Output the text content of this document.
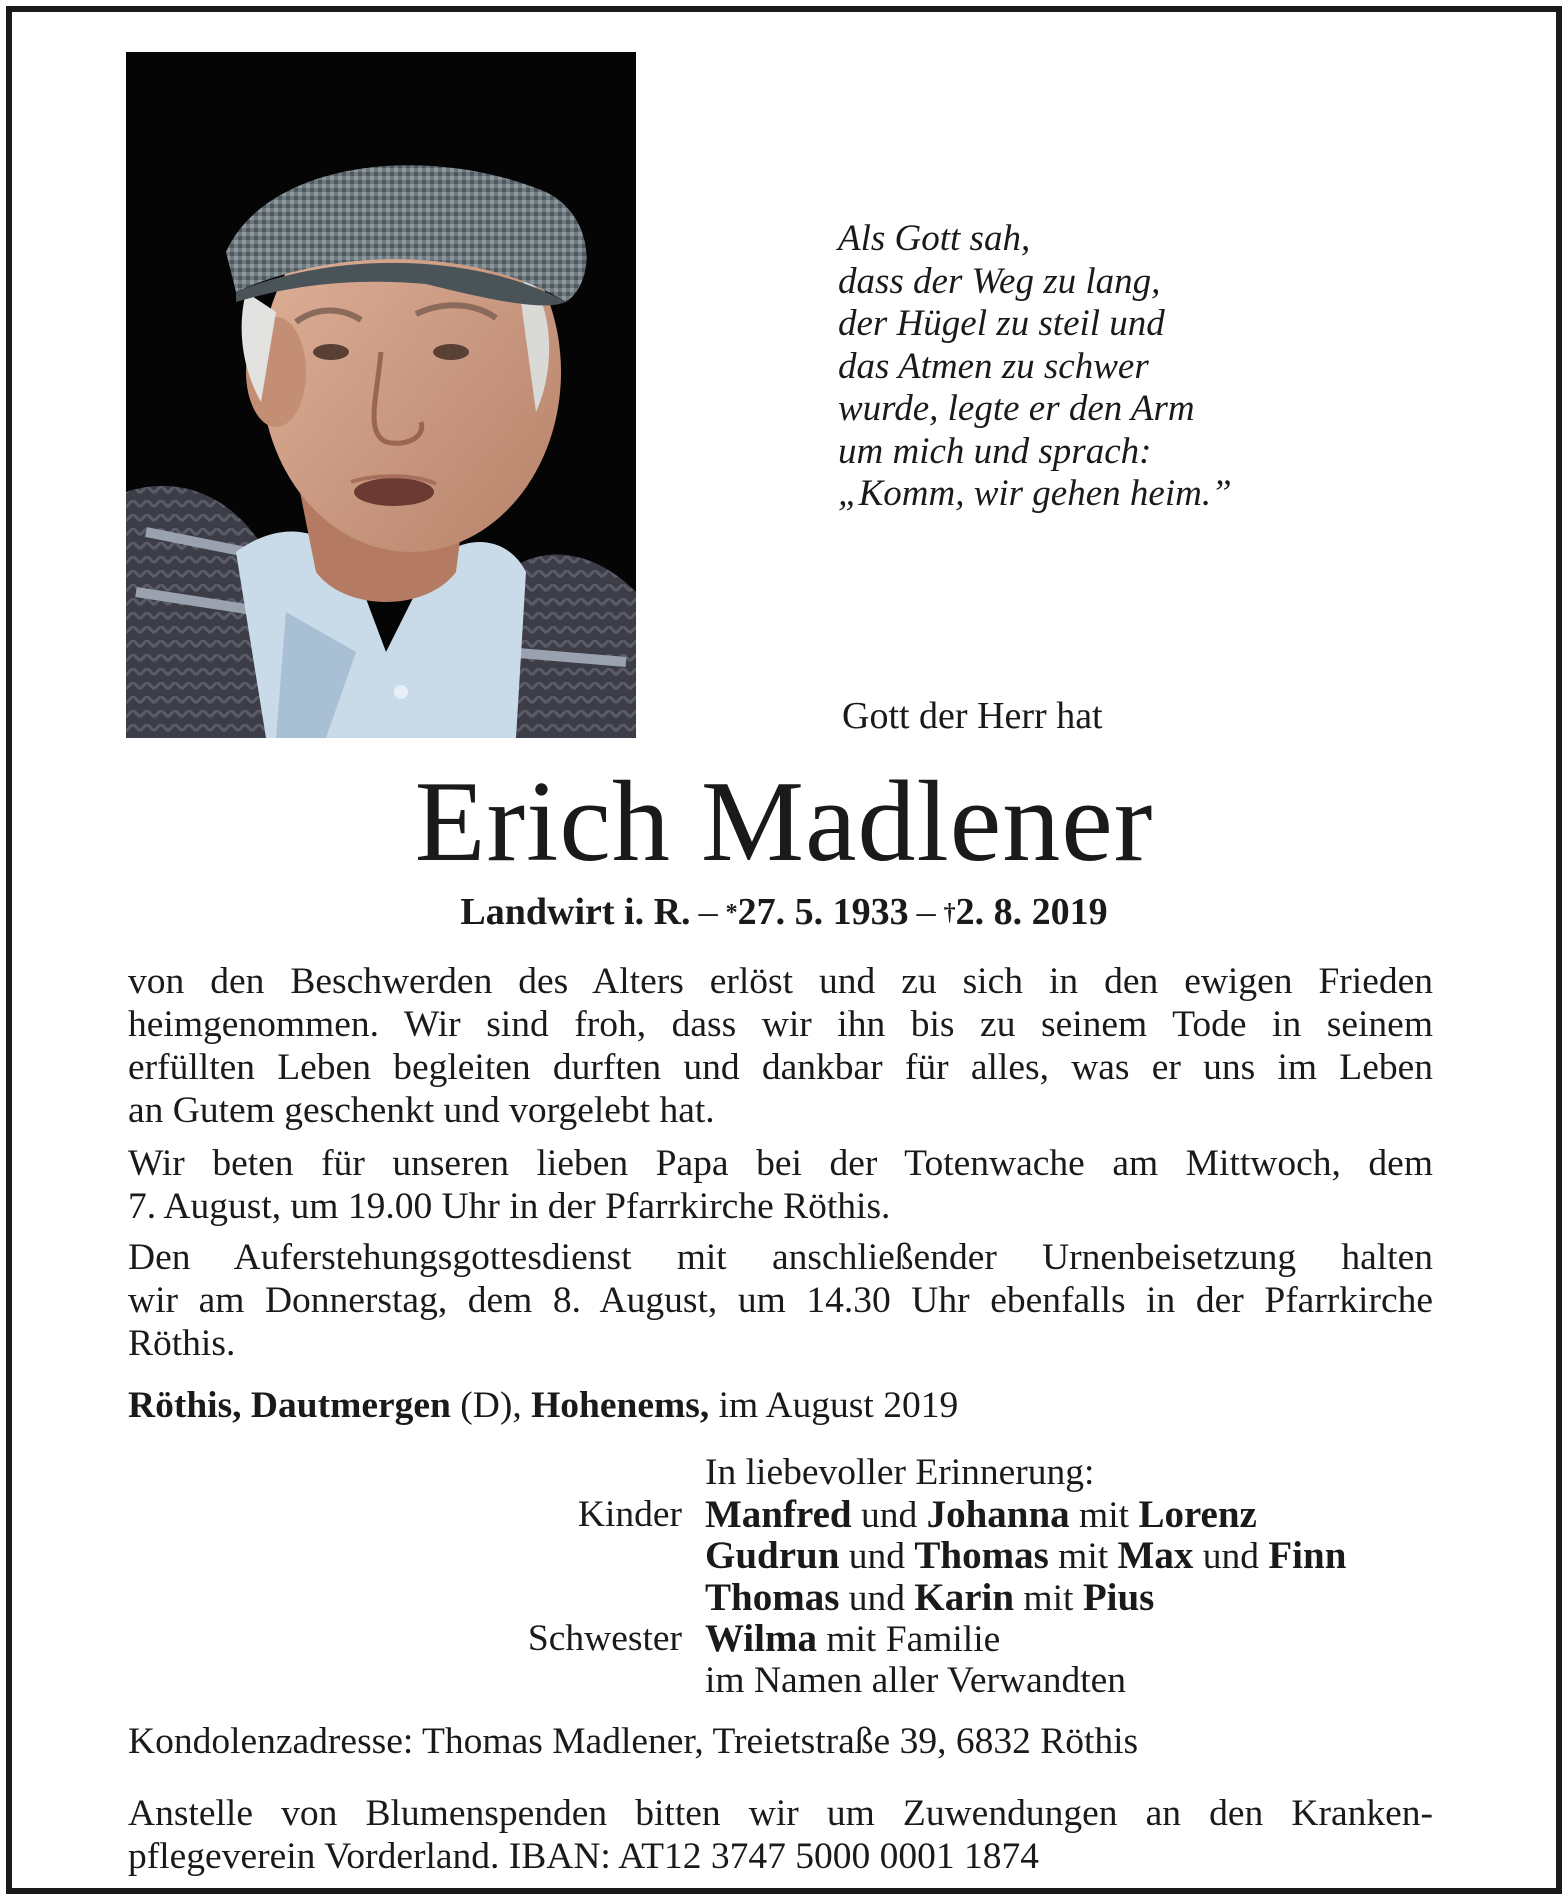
Als Gott sah,
dass der Weg zu lang,
der Hügel zu steil und
das Atmen zu schwer
wurde, legte er den Arm
um mich und sprach:
„Komm, wir gehen heim.”

Gott der Herr hat
Erich Madlener
Landwirt i. R. – *27. 5. 1933 – †2. 8. 2019

von den Beschwerden des Alters erlöst und zu sich in den ewigen Frieden
heimgenommen. Wir sind froh, dass wir ihn bis zu seinem Tode in seinem
erfüllten Leben begleiten durften und dankbar für alles, was er uns im Leben
an Gutem geschenkt und vorgelebt hat.

Wir beten für unseren lieben Papa bei der Totenwache am Mittwoch, dem
7. August, um 19.00 Uhr in der Pfarrkirche Röthis.

Den Auferstehungsgottesdienst mit anschließender Urnenbeisetzung halten
wir am Donnerstag, dem 8. August, um 14.30 Uhr ebenfalls in der Pfarrkirche
Röthis.

Röthis, Dautmergen (D), Hohenems, im August 2019

In liebevoller Erinnerung:
Kinder Manfred und Johanna mit Lorenz
Gudrun und Thomas mit Max und Finn
Thomas und Karin mit Pius
Schwester Wilma mit Familie
im Namen aller Verwandten

Kondolenzadresse: Thomas Madlener, Treietstraße 39, 6832 Röthis

Anstelle von Blumenspenden bitten wir um Zuwendungen an den Kranken-
pflegeverein Vorderland. IBAN: AT12 3747 5000 0001 1874
